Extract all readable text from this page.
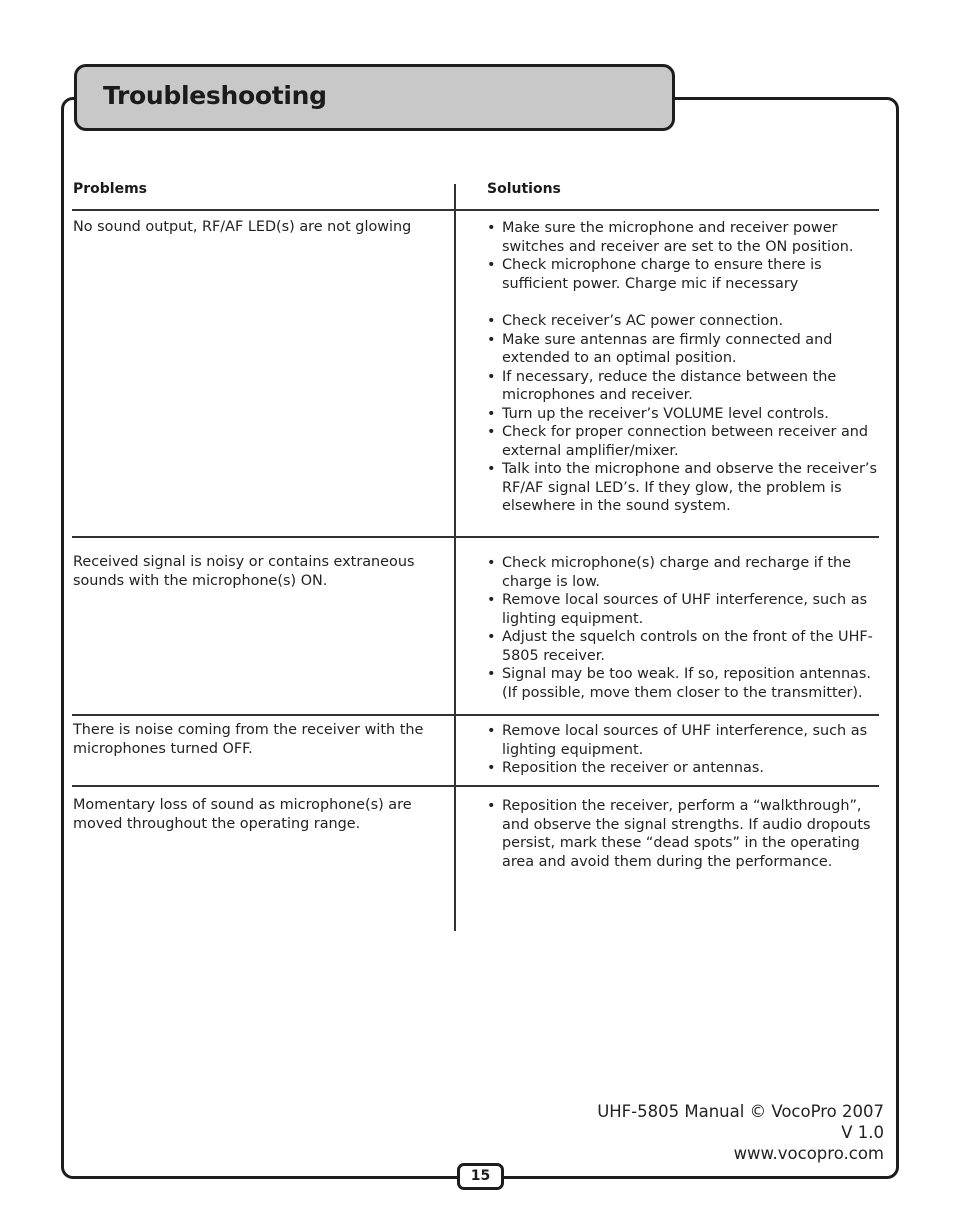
Troubleshooting
Problems	Solutions
No sound output, RF/AF LED(s) are not glowing	• Make sure the microphone and receiver power switches and receiver are set to the ON position.
• Check microphone charge to ensure there is sufficient power. Charge mic if necessary
• Check receiver’s AC power connection.
• Make sure antennas are firmly connected and extended to an optimal position.
• If necessary, reduce the distance between the microphones and receiver.
• Turn up the receiver’s VOLUME level controls.
• Check for proper connection between receiver and external amplifier/mixer.
• Talk into the microphone and observe the receiver’s RF/AF signal LED’s. If they glow, the problem is elsewhere in the sound system.
Received signal is noisy or contains extraneous sounds with the microphone(s) ON.
• Check microphone(s) charge and recharge if the charge is low.
• Remove local sources of UHF interference, such as lighting equipment.
• Adjust the squelch controls on the front of the UHF-5805 receiver.
• Signal may be too weak. If so, reposition antennas. (If possible, move them closer to the transmitter).
There is noise coming from the receiver with the microphones turned OFF.
• Remove local sources of UHF interference, such as lighting equipment.
• Reposition the receiver or antennas.
Momentary loss of sound as microphone(s) are moved throughout the operating range.
• Reposition the receiver, perform a “walkthrough”, and observe the signal strengths. If audio dropouts persist, mark these “dead spots” in the operating area and avoid them during the performance.
UHF-5805 Manual © VocoPro 2007
V 1.0
www.vocopro.com
15
